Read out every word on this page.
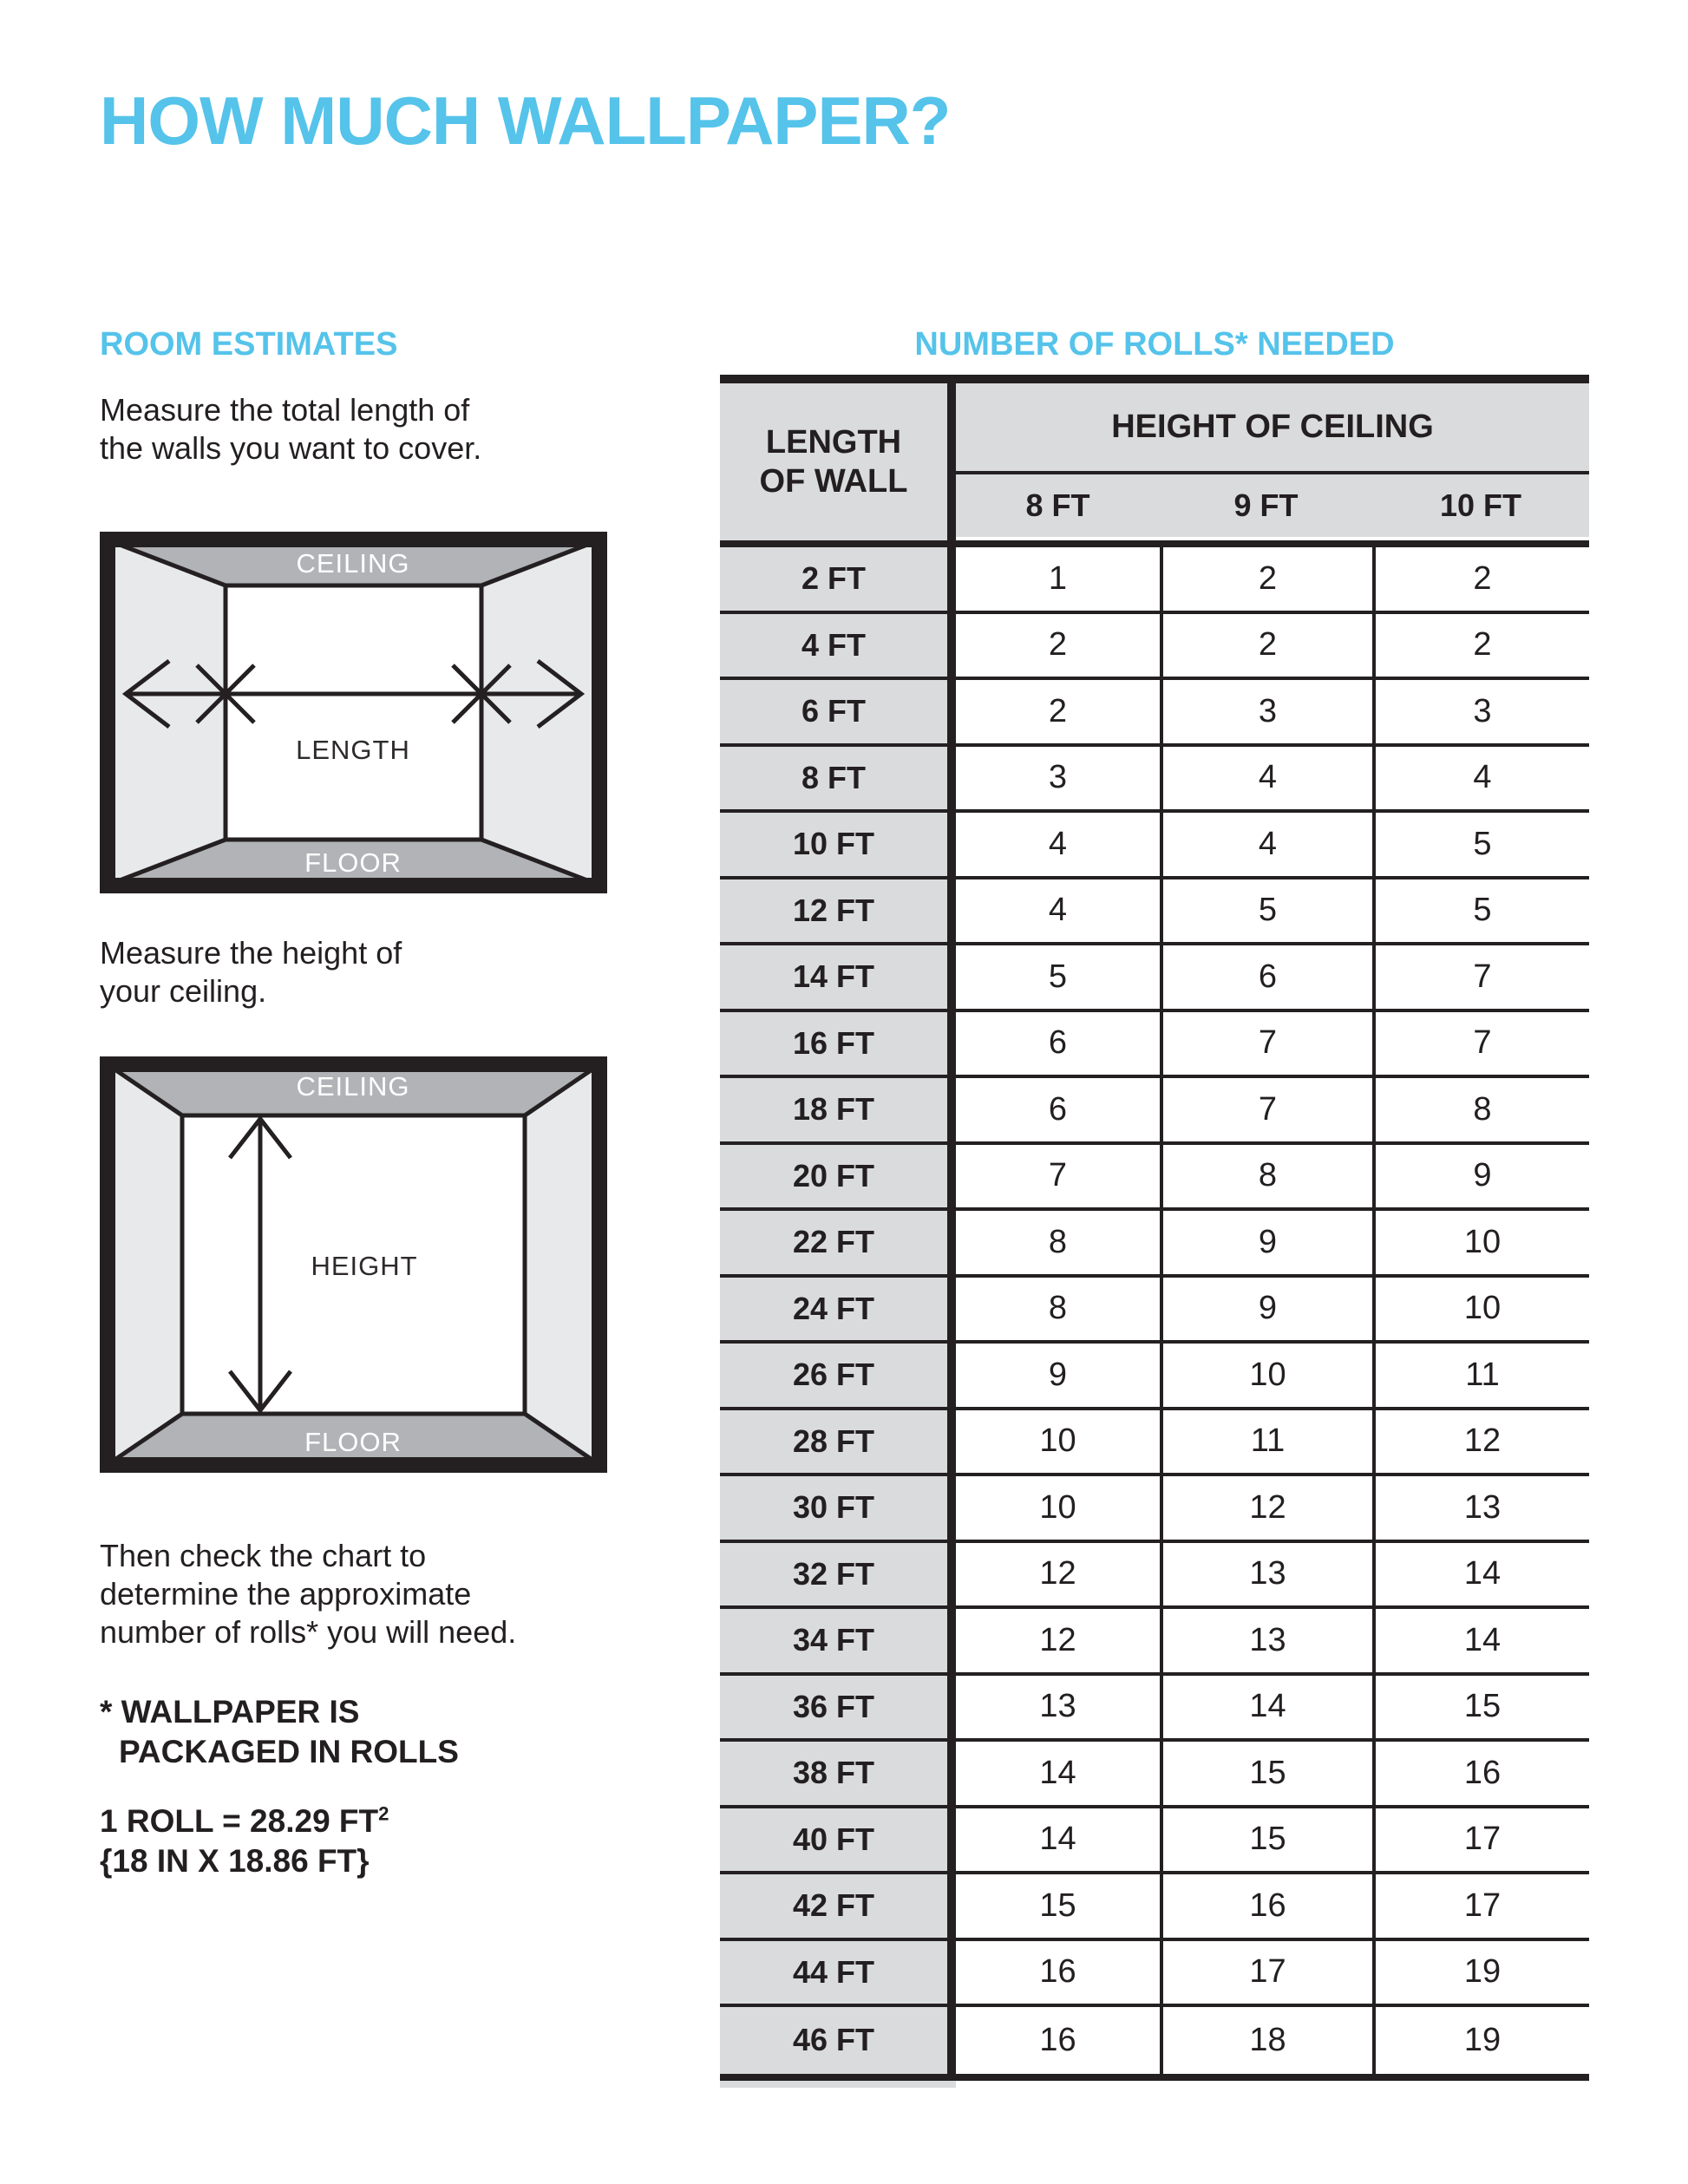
HOW MUCH WALLPAPER?
ROOM ESTIMATES	NUMBER OF ROLLS* NEEDED
Measure the total length of
the walls you want to cover.
CEILING
FLOOR
LENGTH
Measure the height of
your ceiling.
CEILING
FLOOR
HEIGHT
Then check the chart to
determine the approximate
number of rolls* you will need.
* WALLPAPER IS
PACKAGED IN ROLLS
1 ROLL = 28.29 $FT^2$
{18 IN X 18.86 FT}
LENGTH
OF WALL
HEIGHT OF CEILING
8 FT	9 FT	10 FT
2 FT	1	2	2
4 FT	2	2	2
6 FT	2	3	3
8 FT	3	4	4
10 FT	4	4	5
12 FT	4	5	5
14 FT	5	6	7
16 FT	6	7	7
18 FT	6	7	8
20 FT	7	8	9
22 FT	8	9	10
24 FT	8	9	10
26 FT	9	10	11
28 FT	10	11	12
30 FT	10	12	13
32 FT	12	13	14
34 FT	12	13	14
36 FT	13	14	15
38 FT	14	15	16
40 FT	14	15	17
42 FT	15	16	17
44 FT	16	17	19
46 FT	16	18	19
